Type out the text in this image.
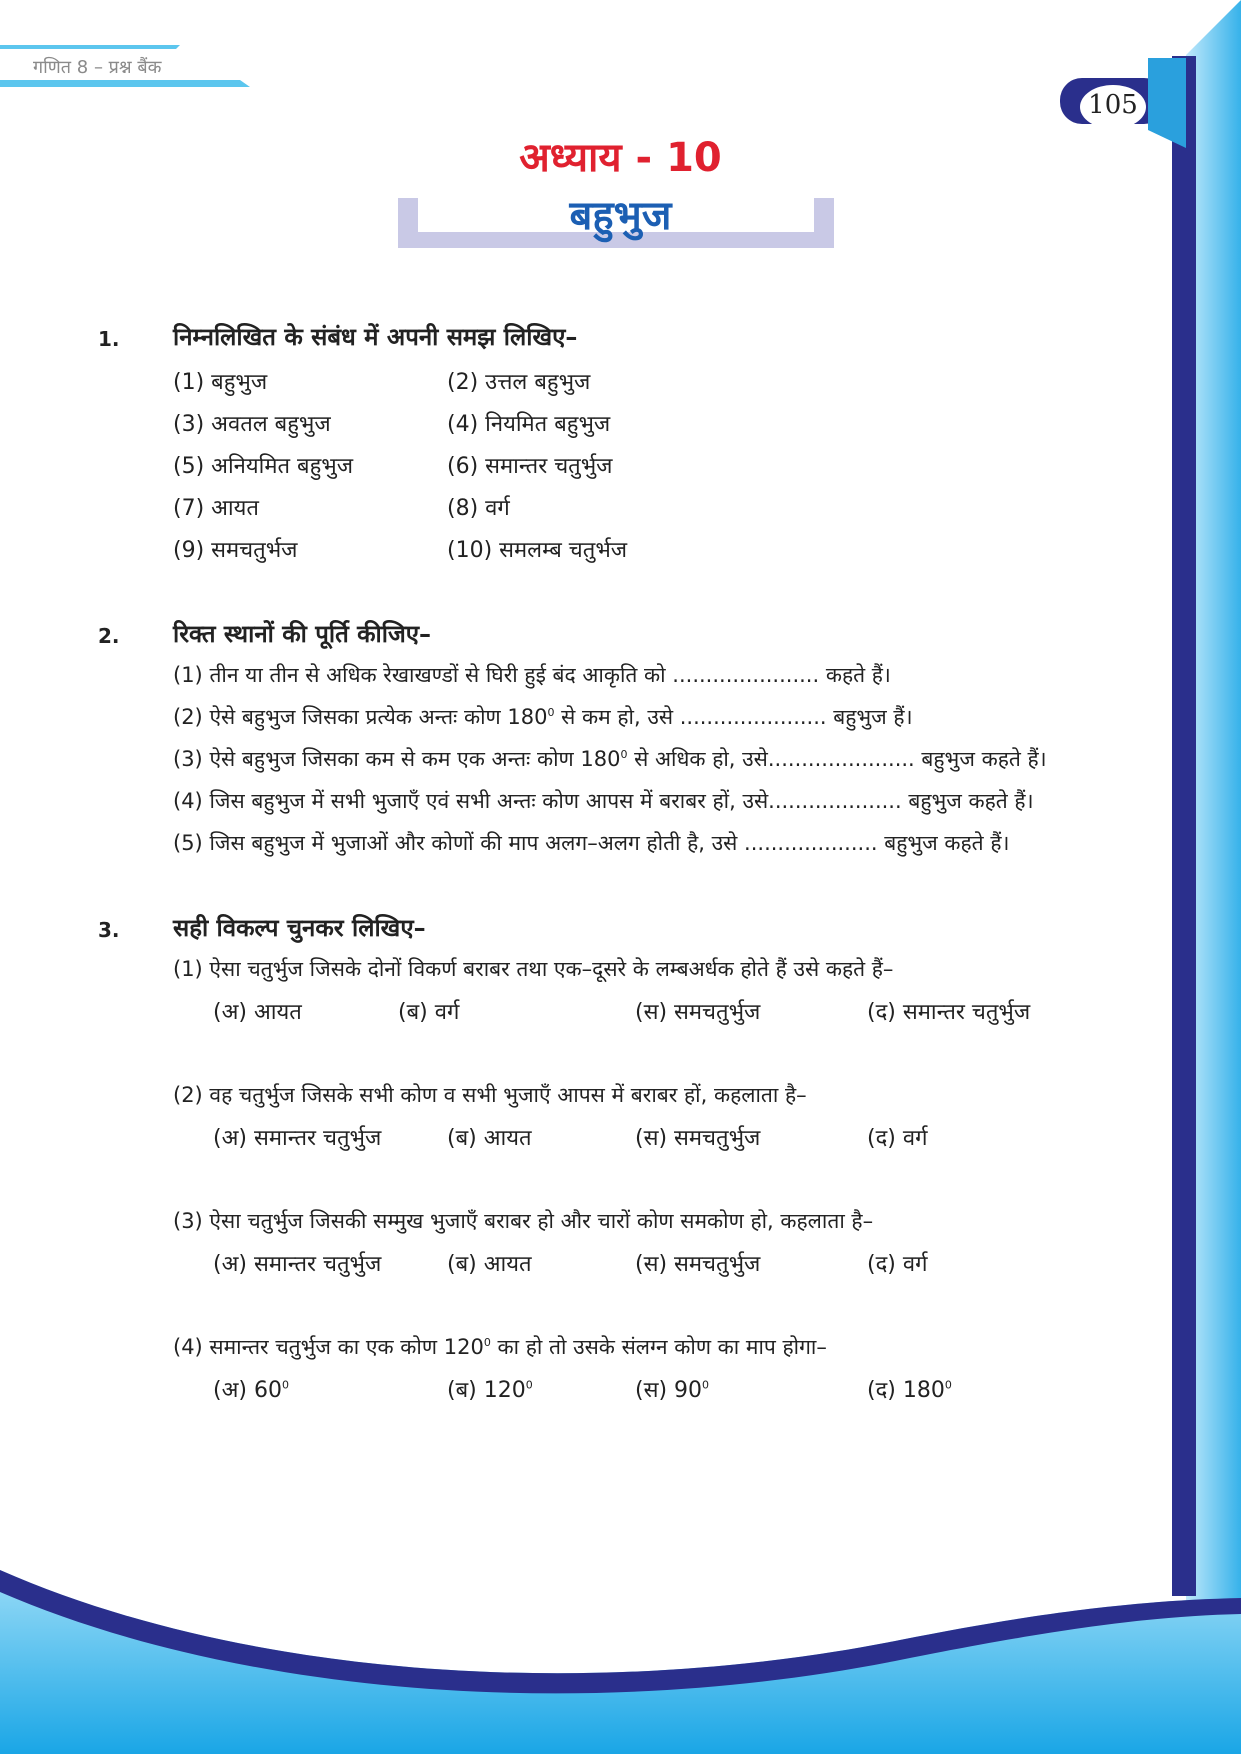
गणित 8 – प्रश्न बैंक
105
अध्याय - 10
बहुभुज
1. निम्नलिखित के संबंध में अपनी समझ लिखिए–
(1) बहुभुज	(2) उत्तल बहुभुज
(3) अवतल बहुभुज	(4) नियमित बहुभुज
(5) अनियमित बहुभुज	(6) समान्तर चतुर्भुज
(7) आयत	(8) वर्ग
(9) समचतुर्भज	(10) समलम्ब चतुर्भज
2. रिक्त स्थानों की पूर्ति कीजिए–
(1) तीन या तीन से अधिक रेखाखण्डों से घिरी हुई बंद आकृति को ...................... कहते हैं।
(2) ऐसे बहुभुज जिसका प्रत्येक अन्तः कोण $180^0$ से कम हो, उसे ...................... बहुभुज हैं।
(3) ऐसे बहुभुज जिसका कम से कम एक अन्तः कोण $180^0$ से अधिक हो, उसे...................... बहुभुज कहते हैं।
(4) जिस बहुभुज में सभी भुजाएँ एवं सभी अन्तः कोण आपस में बराबर हों, उसे.................... बहुभुज कहते हैं।
(5) जिस बहुभुज में भुजाओं और कोणों की माप अलग–अलग होती है, उसे .................... बहुभुज कहते हैं।
3. सही विकल्प चुनकर लिखिए–
(1) ऐसा चतुर्भुज जिसके दोनों विकर्ण बराबर तथा एक–दूसरे के लम्बअर्धक होते हैं उसे कहते हैं–
(अ) आयत	(ब) वर्ग	(स) समचतुर्भुज	(द) समान्तर चतुर्भुज
(2) वह चतुर्भुज जिसके सभी कोण व सभी भुजाएँ आपस में बराबर हों, कहलाता है–
(अ) समान्तर चतुर्भुज	(ब) आयत	(स) समचतुर्भुज	(द) वर्ग
(3) ऐसा चतुर्भुज जिसकी सम्मुख भुजाएँ बराबर हो और चारों कोण समकोण हो, कहलाता है–
(अ) समान्तर चतुर्भुज	(ब) आयत	(स) समचतुर्भुज	(द) वर्ग
(4) समान्तर चतुर्भुज का एक कोण $120^0$ का हो तो उसके संलग्न कोण का माप होगा–
(अ) $60^0$	(ब) $120^0$	(स) $90^0$	(द) $180^0$
